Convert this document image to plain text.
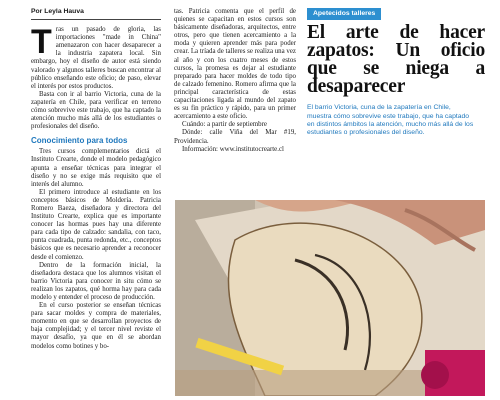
Por Leyla Hauva

Tras un pasado de gloria, las importaciones "made in China" amenazaron con hacer desaparecer a la industria zapatera local. Sin embargo, hoy el diseño de autor está siendo valorado y algunos talleres buscan encontrar al público enseñando este oficio; de paso, elevar el interés por estos productos.

Basta con ir al barrio Victoria, cuna de la zapatería en Chile, para verificar en terreno cómo sobrevive este trabajo, que ha captado la atención mucho más allá de los estudiantes o profesionales del diseño.

Conocimiento para todos

Tres cursos complementarios dictá el Instituto Crearte, donde el modelo pedagógico apunta a enseñar técnicas para integrar el diseño y no se exige más requisito que el interés del alumno.

El primero introduce al estudiante en los conceptos básicos de Moldería. Patricia Romero Baeza, diseñadora y directora del Instituto Crearte, explica que es importante conocer las hormas pues hay una diferente para cada tipo de calzado: sandalia, con taco, punta cuadrada, punta redonda, etc., conceptos básicos que es necesario aprender a reconocer desde el comienzo.

Dentro de la formación inicial, la diseñadora destaca que los alumnos visitan el barrio Victoria para conocer in situ cómo se realizan los zapatos, qué horma hay para cada modelo y entender el proceso de producción.

En el curso posterior se enseñan técnicas para sacar moldes y compra de materiales, momento en que se desarrollan proyectos de baja complejidad; y el tercer nivel reviste el mayor desafío, ya que en él se abordan modelos como botines y bo-

tas. Patricia comenta que el perfil de quienes se capacitan en estos cursos son básicamente diseñadoras, arquitectos, entre otros, pero que tienen acercamiento a la moda y quieren aprender más para poder crear. La tríada de talleres se realiza una vez al año y con los cuatro meses de estos cursos, la promesa es dejar al estudiante preparado para hacer moldes de todo tipo de calzado femenino. Romero afirma que la principal característica de estas capacitaciones ligada al mundo del zapato es su fin práctico y rápido, para un primer acercamiento a este oficio.

Cuándo: a partir de septiembre

Dónde: calle Viña del Mar #19, Providencia.

Información: www.institutocrearte.cl

Apetecidos talleres
El arte de hacer zapatos: Un oficio que se niega a desaparecer
El barrio Victoria, cuna de la zapatería en Chile, muestra cómo sobrevive este trabajo, que ha captado en distintos ámbitos la atención, mucho más allá de los estudiantes o profesionales del diseño.
